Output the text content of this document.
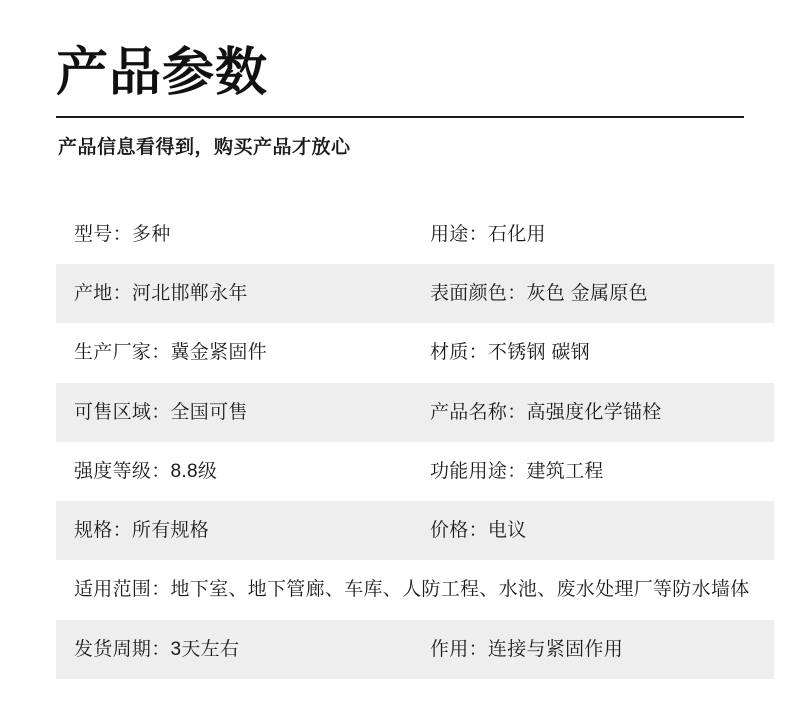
产品参数
产品信息看得到，购买产品才放心
型号：多种	用途：石化用
产地：河北邯郸永年	表面颜色：灰色 金属原色
生产厂家：冀金紧固件	材质：不锈钢 碳钢
可售区域：全国可售	产品名称：高强度化学锚栓
强度等级：8.8级	功能用途：建筑工程
规格：所有规格	价格：电议
适用范围：地下室、地下管廊、车库、人防工程、水池、废水处理厂等防水墙体	
发货周期：3天左右	作用：连接与紧固作用
